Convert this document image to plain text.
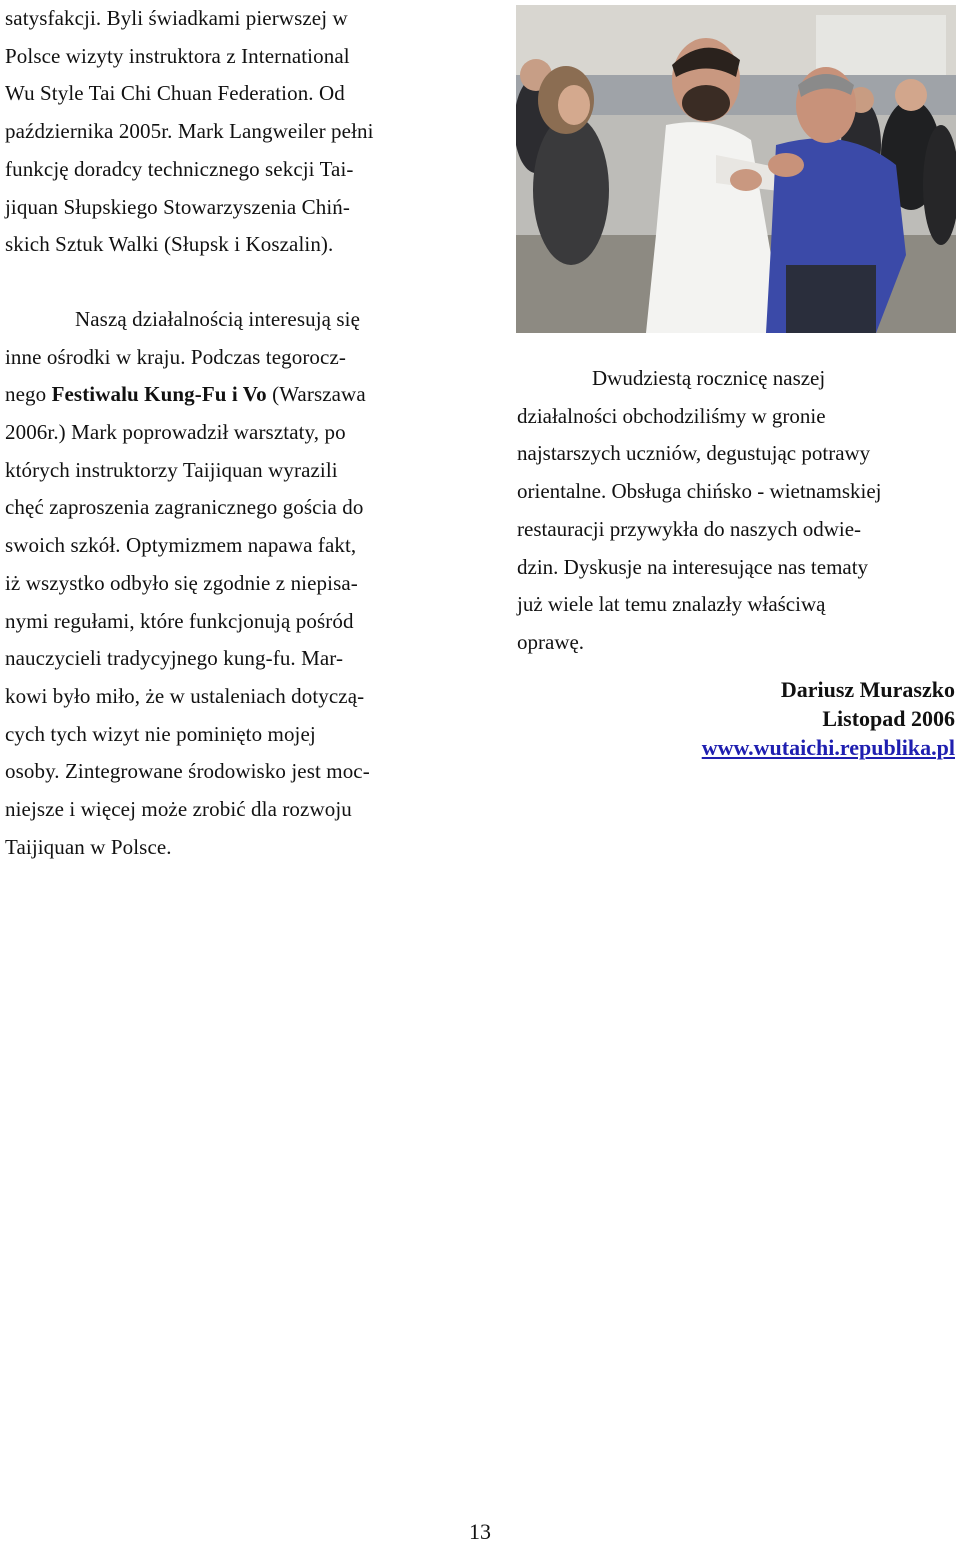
satysfakcji. Byli świadkami pierwszej w
Polsce wizyty instruktora z International
Wu Style Tai Chi Chuan Federation. Od
października 2005r. Mark Langweiler pełni
funkcję doradcy technicznego sekcji Tai-
jiquan Słupskiego Stowarzyszenia Chiń-
skich Sztuk Walki (Słupsk i Koszalin).
Naszą działalnością interesują się
inne ośrodki w kraju. Podczas tegorocz-
nego Festiwalu Kung-Fu i Vo (Warszawa
2006r.) Mark poprowadził warsztaty, po
których instruktorzy Taijiquan wyrazili
chęć zaproszenia zagranicznego gościa do
swoich szkół. Optymizmem napawa fakt,
iż wszystko odbyło się zgodnie z niepisa-
nymi regułami, które funkcjonują pośród
nauczycieli tradycyjnego kung-fu. Mar-
kowi było miło, że w ustaleniach dotyczą-
cych tych wizyt nie pominięto mojej
osoby. Zintegrowane środowisko jest moc-
niejsze i więcej może zrobić dla rozwoju
Taijiquan w Polsce.
Dwudziestą rocznicę naszej
działalności obchodziliśmy w gronie
najstarszych uczniów, degustując potrawy
orientalne. Obsługa chińsko - wietnamskiej
restauracji przywykła do naszych odwie-
dzin. Dyskusje na interesujące nas tematy
już wiele lat temu znalazły właściwą
oprawę.
Dariusz Muraszko
Listopad 2006
www.wutaichi.republika.pl
13
